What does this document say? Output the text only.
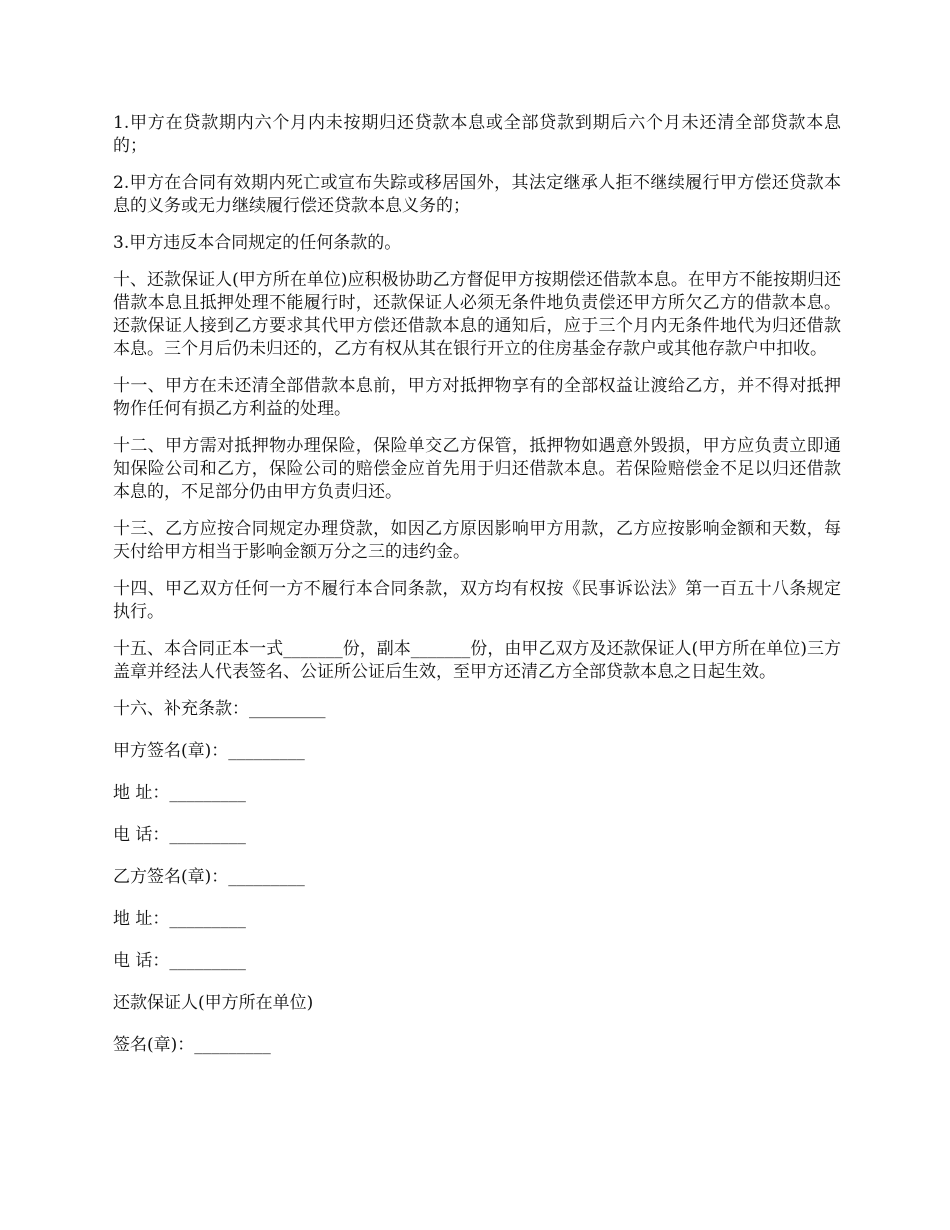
1.甲方在贷款期内六个月内未按期归还贷款本息或全部贷款到期后六个月未还清全部贷款本息的；

2.甲方在合同有效期内死亡或宣布失踪或移居国外，其法定继承人拒不继续履行甲方偿还贷款本息的义务或无力继续履行偿还贷款本息义务的；

3.甲方违反本合同规定的任何条款的。

十、还款保证人(甲方所在单位)应积极协助乙方督促甲方按期偿还借款本息。在甲方不能按期归还借款本息且抵押处理不能履行时，还款保证人必须无条件地负责偿还甲方所欠乙方的借款本息。还款保证人接到乙方要求其代甲方偿还借款本息的通知后，应于三个月内无条件地代为归还借款本息。三个月后仍未归还的，乙方有权从其在银行开立的住房基金存款户或其他存款户中扣收。

十一、甲方在未还清全部借款本息前，甲方对抵押物享有的全部权益让渡给乙方，并不得对抵押物作任何有损乙方利益的处理。

十二、甲方需对抵押物办理保险，保险单交乙方保管，抵押物如遇意外毁损，甲方应负责立即通知保险公司和乙方，保险公司的赔偿金应首先用于归还借款本息。若保险赔偿金不足以归还借款本息的，不足部分仍由甲方负责归还。

十三、乙方应按合同规定办理贷款，如因乙方原因影响甲方用款，乙方应按影响金额和天数，每天付给甲方相当于影响金额万分之三的违约金。

十四、甲乙双方任何一方不履行本合同条款，双方均有权按《民事诉讼法》第一百五十八条规定执行。

十五、本合同正本一式_______份，副本_______份，由甲乙双方及还款保证人(甲方所在单位)三方盖章并经法人代表签名、公证所公证后生效，至甲方还清乙方全部贷款本息之日起生效。

十六、补充条款：_________

甲方签名(章)：_________

地 址：_________

电 话：_________

乙方签名(章)：_________

地 址：_________

电 话：_________

还款保证人(甲方所在单位)

签名(章)：_________
